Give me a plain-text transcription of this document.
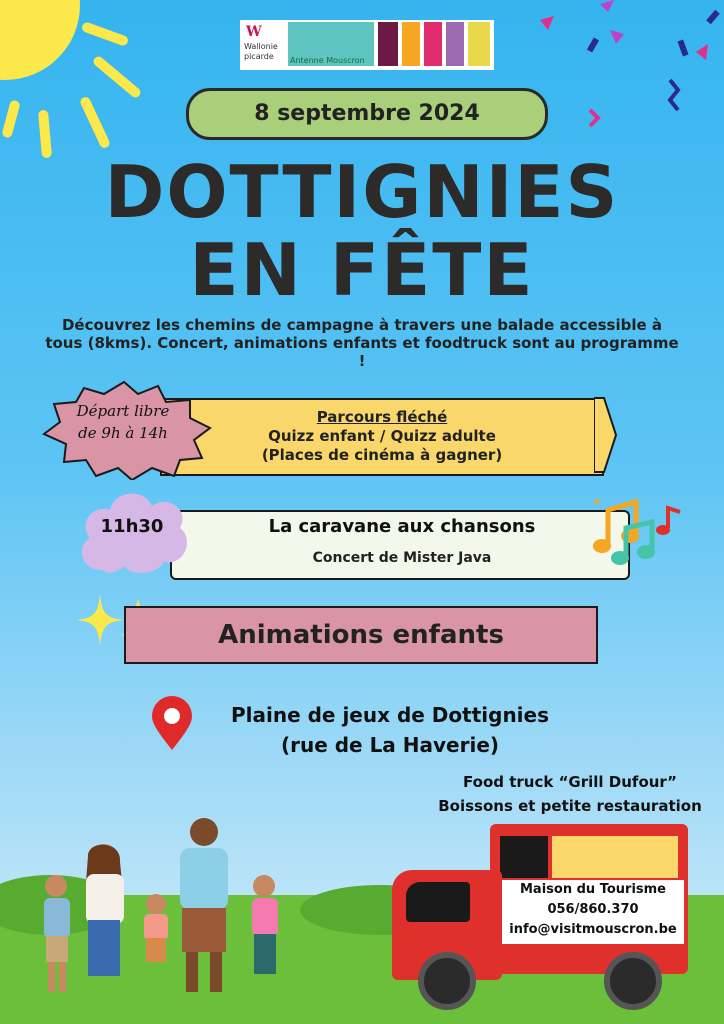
W
Wallonie
picarde Antenne Mouscron
8 septembre 2024
DOTTIGNIES
EN FÊTE
Découvrez les chemins de campagne à travers une balade accessible à tous (8kms). Concert, animations enfants et foodtruck sont au programme !
Parcours fléché
Quizz enfant / Quizz adulte
(Places de cinéma à gagner)
Départ libre
de 9h à 14h
La caravane aux chansons
Concert de Mister Java
11h30
✦
Animations enfants
Plaine de jeux de Dottignies
(rue de La Haverie)
Food truck “Grill Dufour”
Boissons et petite restauration
Maison du Tourisme
056/860.370
info@visitmouscron.be
